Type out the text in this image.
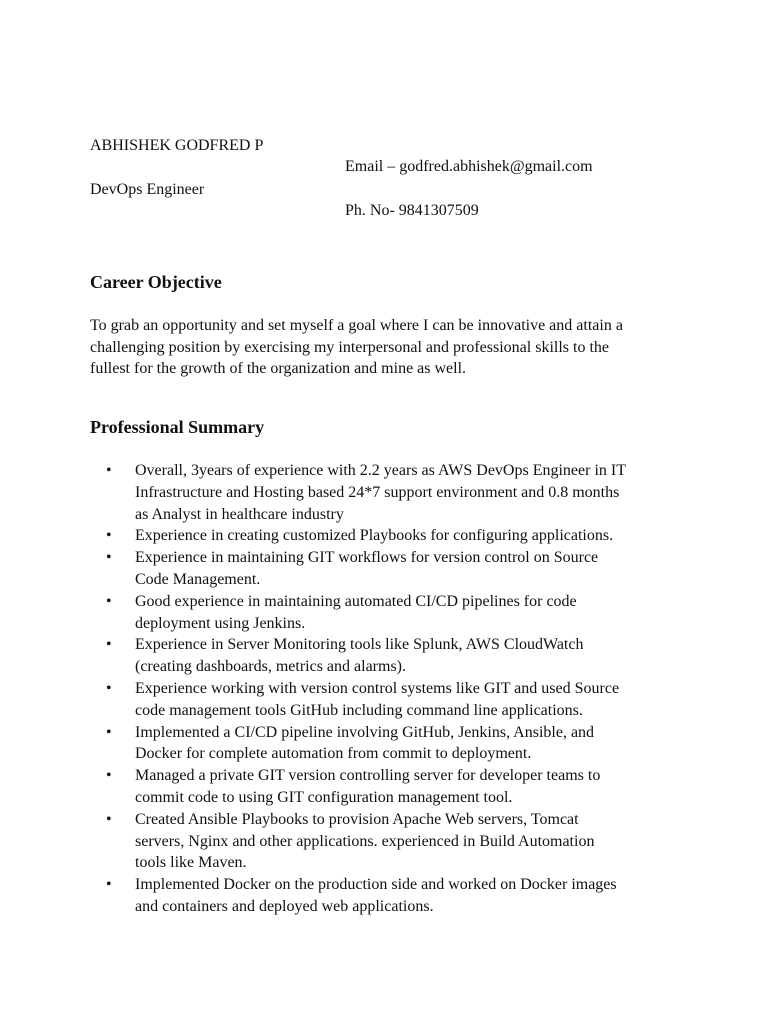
ABHISHEK GODFRED P
Email – godfred.abhishek@gmail.com
DevOps Engineer
Ph. No- 9841307509
Career Objective
To grab an opportunity and set myself a goal where I can be innovative and attain a
challenging position by exercising my interpersonal and professional skills to the
fullest for the growth of the organization and mine as well.
Professional Summary
• Overall, 3years of experience with 2.2 years as AWS DevOps Engineer in IT
Infrastructure and Hosting based 24*7 support environment and 0.8 months
as Analyst in healthcare industry
• Experience in creating customized Playbooks for configuring applications.
• Experience in maintaining GIT workflows for version control on Source
Code Management.
• Good experience in maintaining automated CI/CD pipelines for code
deployment using Jenkins.
• Experience in Server Monitoring tools like Splunk, AWS CloudWatch
(creating dashboards, metrics and alarms).
• Experience working with version control systems like GIT and used Source
code management tools GitHub including command line applications.
• Implemented a CI/CD pipeline involving GitHub, Jenkins, Ansible, and
Docker for complete automation from commit to deployment.
• Managed a private GIT version controlling server for developer teams to
commit code to using GIT configuration management tool.
• Created Ansible Playbooks to provision Apache Web servers, Tomcat
servers, Nginx and other applications. experienced in Build Automation
tools like Maven.
• Implemented Docker on the production side and worked on Docker images
and containers and deployed web applications.
